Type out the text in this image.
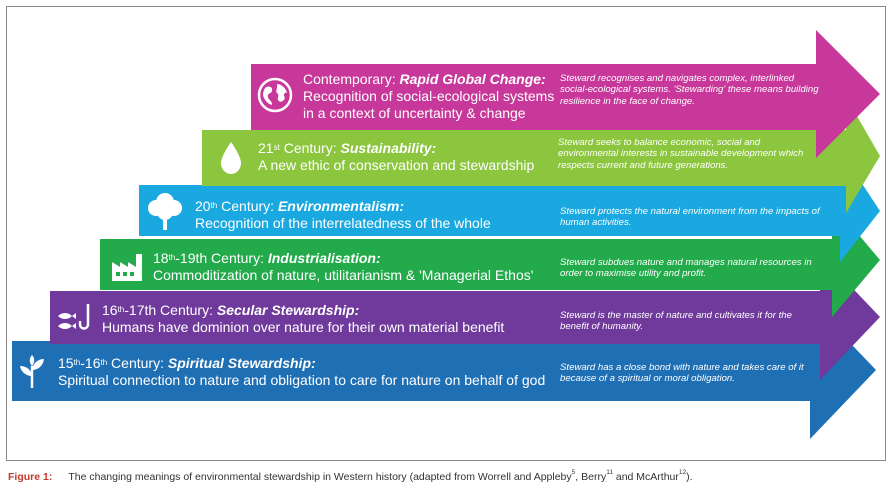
Contemporary: Rapid Global Change:
Recognition of social-ecological systems
in a context of uncertainty & change
Steward recognises and navigates complex, interlinked social-ecological systems. 'Stewarding' these means building resilience in the face of change.
21st Century: Sustainability:
A new ethic of conservation and stewardship
Steward seeks to balance economic, social and environmental interests in sustainable development which respects current and future generations.
20th Century: Environmentalism:
Recognition of the interrelatedness of the whole
Steward protects the natural environment from the impacts of human activities.
18th-19th Century: Industrialisation:
Commoditization of nature, utilitarianism & 'Managerial Ethos'
Steward subdues nature and manages natural resources in order to maximise utility and profit.
16th-17th Century: Secular Stewardship:
Humans have dominion over nature for their own material benefit
Steward is the master of nature and cultivates it for the benefit of humanity.
15th-16th Century: Spiritual Stewardship:
Spiritual connection to nature and obligation to care for nature on behalf of god
Steward has a close bond with nature and takes care of it because of a spiritual or moral obligation.
Figure 1: The changing meanings of environmental stewardship in Western history (adapted from Worrell and Appleby$^5$, Berry$^{11}$ and McArthur$^{12}$).
